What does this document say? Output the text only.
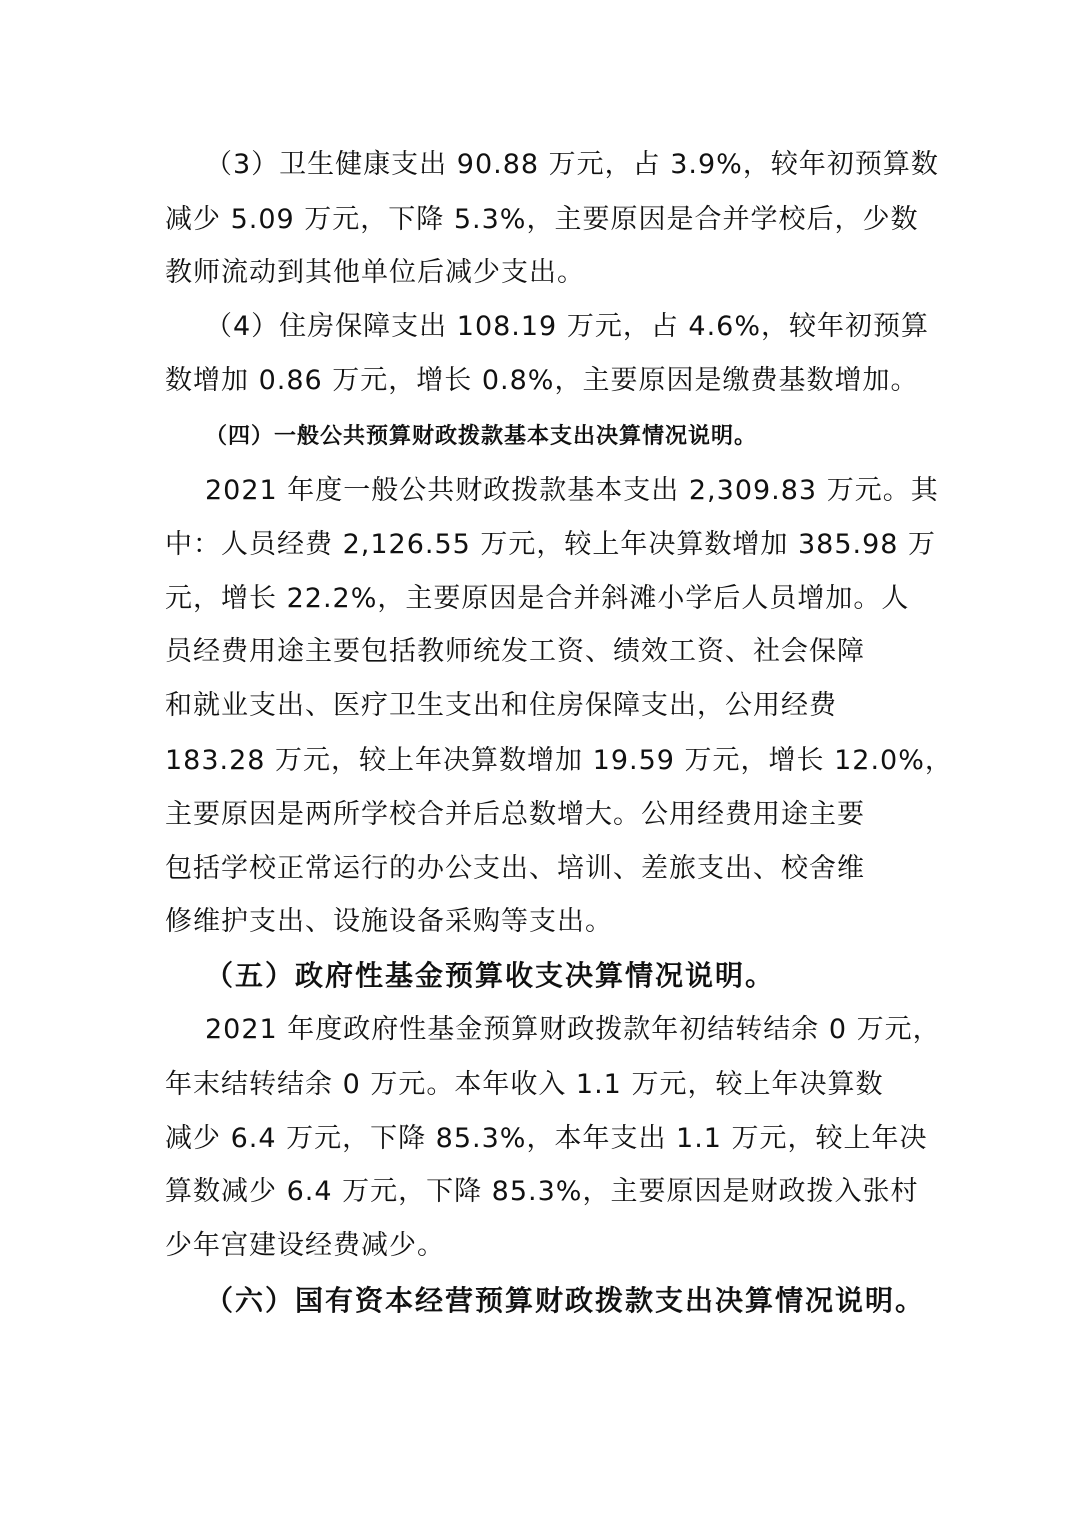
（3）卫生健康支出 90.88 万元，占 3.9%，较年初预算数
减少 5.09 万元，下降 5.3%，主要原因是合并学校后，少数
教师流动到其他单位后减少支出。
（4）住房保障支出 108.19 万元，占 4.6%，较年初预算
数增加 0.86 万元，增长 0.8%，主要原因是缴费基数增加。
（四）一般公共预算财政拨款基本支出决算情况说明。
2021 年度一般公共财政拨款基本支出 2,309.83 万元。其
中：人员经费 2,126.55 万元，较上年决算数增加 385.98 万
元，增长 22.2%，主要原因是合并斜滩小学后人员增加。人
员经费用途主要包括教师统发工资、绩效工资、社会保障
和就业支出、医疗卫生支出和住房保障支出，公用经费
183.28 万元，较上年决算数增加 19.59 万元，增长 12.0%，
主要原因是两所学校合并后总数增大。公用经费用途主要
包括学校正常运行的办公支出、培训、差旅支出、校舍维
修维护支出、设施设备采购等支出。
（五）政府性基金预算收支决算情况说明。
2021 年度政府性基金预算财政拨款年初结转结余 0 万元，
年末结转结余 0 万元。本年收入 1.1 万元，较上年决算数
减少 6.4 万元，下降 85.3%，本年支出 1.1 万元，较上年决
算数减少 6.4 万元，下降 85.3%，主要原因是财政拨入张村
少年宫建设经费减少。
（六）国有资本经营预算财政拨款支出决算情况说明。
